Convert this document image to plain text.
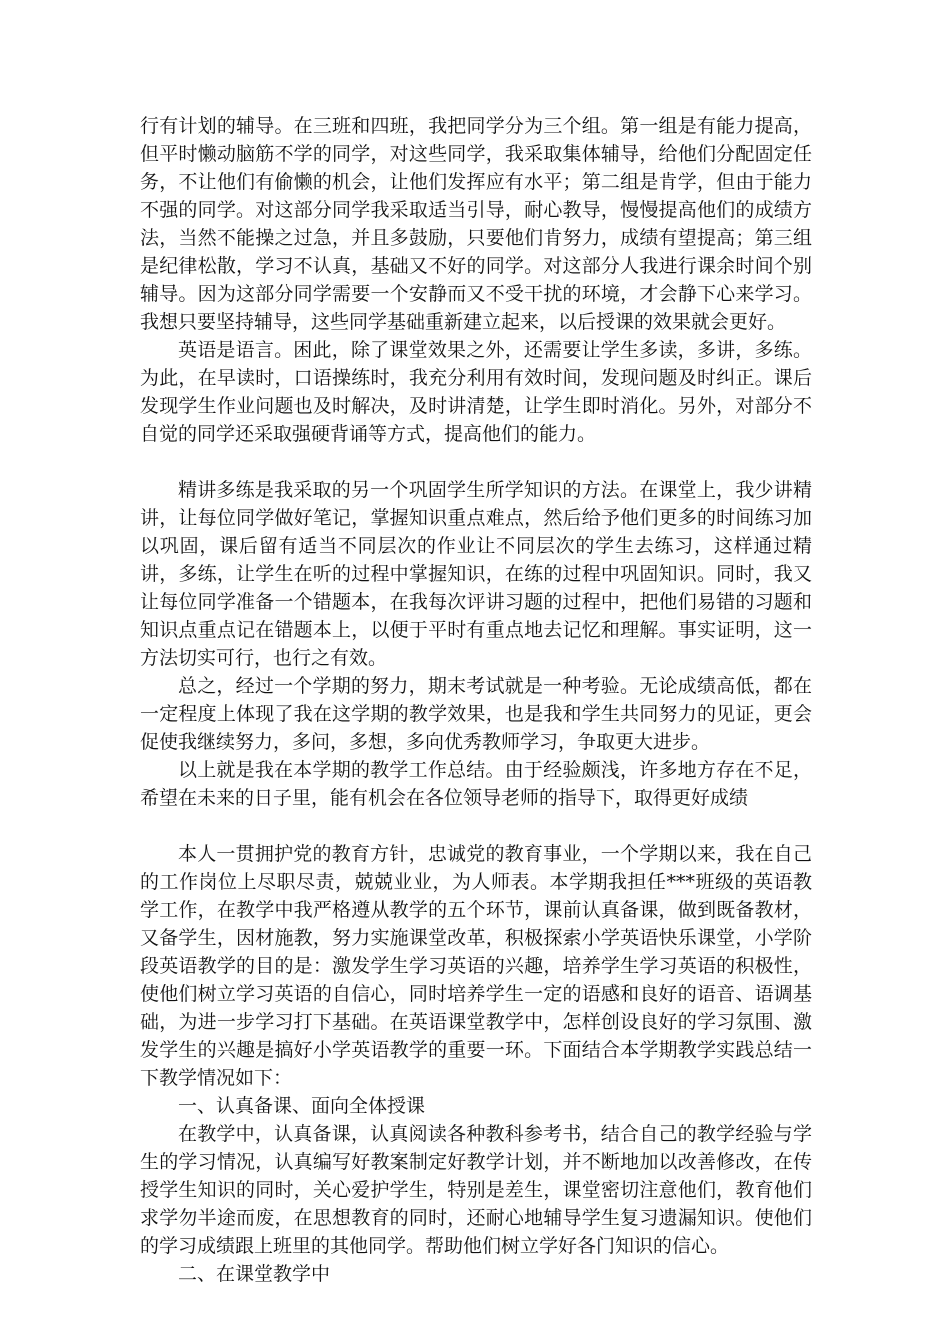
行有计划的辅导。在三班和四班，我把同学分为三个组。第一组是有能力提高，但平时懒动脑筋不学的同学，对这些同学，我采取集体辅导，给他们分配固定任务，不让他们有偷懒的机会，让他们发挥应有水平；第二组是肯学，但由于能力不强的同学。对这部分同学我采取适当引导，耐心教导，慢慢提高他们的成绩方法，当然不能操之过急，并且多鼓励，只要他们肯努力，成绩有望提高；第三组是纪律松散，学习不认真，基础又不好的同学。对这部分人我进行课余时间个别辅导。因为这部分同学需要一个安静而又不受干扰的环境，才会静下心来学习。我想只要坚持辅导，这些同学基础重新建立起来，以后授课的效果就会更好。

英语是语言。困此，除了课堂效果之外，还需要让学生多读，多讲，多练。为此，在早读时，口语操练时，我充分利用有效时间，发现问题及时纠正。课后发现学生作业问题也及时解决，及时讲清楚，让学生即时消化。另外，对部分不自觉的同学还采取强硬背诵等方式，提高他们的能力。

精讲多练是我采取的另一个巩固学生所学知识的方法。在课堂上，我少讲精讲，让每位同学做好笔记，掌握知识重点难点，然后给予他们更多的时间练习加以巩固，课后留有适当不同层次的作业让不同层次的学生去练习，这样通过精讲，多练，让学生在听的过程中掌握知识，在练的过程中巩固知识。同时，我又让每位同学准备一个错题本，在我每次评讲习题的过程中，把他们易错的习题和知识点重点记在错题本上，以便于平时有重点地去记忆和理解。事实证明，这一方法切实可行，也行之有效。

总之，经过一个学期的努力，期末考试就是一种考验。无论成绩高低，都在一定程度上体现了我在这学期的教学效果，也是我和学生共同努力的见证，更会促使我继续努力，多问，多想，多向优秀教师学习，争取更大进步。

以上就是我在本学期的教学工作总结。由于经验颇浅，许多地方存在不足，希望在未来的日子里，能有机会在各位领导老师的指导下，取得更好成绩

本人一贯拥护党的教育方针，忠诚党的教育事业，一个学期以来，我在自己的工作岗位上尽职尽责，兢兢业业，为人师表。本学期我担任***班级的英语教学工作，在教学中我严格遵从教学的五个环节，课前认真备课，做到既备教材，又备学生，因材施教，努力实施课堂改革，积极探索小学英语快乐课堂，小学阶段英语教学的目的是：激发学生学习英语的兴趣，培养学生学习英语的积极性，使他们树立学习英语的自信心，同时培养学生一定的语感和良好的语音、语调基础，为进一步学习打下基础。在英语课堂教学中，怎样创设良好的学习氛围、激发学生的兴趣是搞好小学英语教学的重要一环。下面结合本学期教学实践总结一下教学情况如下：

一、认真备课、面向全体授课

在教学中，认真备课，认真阅读各种教科参考书，结合自己的教学经验与学生的学习情况，认真编写好教案制定好教学计划，并不断地加以改善修改，在传授学生知识的同时，关心爱护学生，特别是差生，课堂密切注意他们，教育他们求学勿半途而废，在思想教育的同时，还耐心地辅导学生复习遗漏知识。使他们的学习成绩跟上班里的其他同学。帮助他们树立学好各门知识的信心。

二、在课堂教学中
